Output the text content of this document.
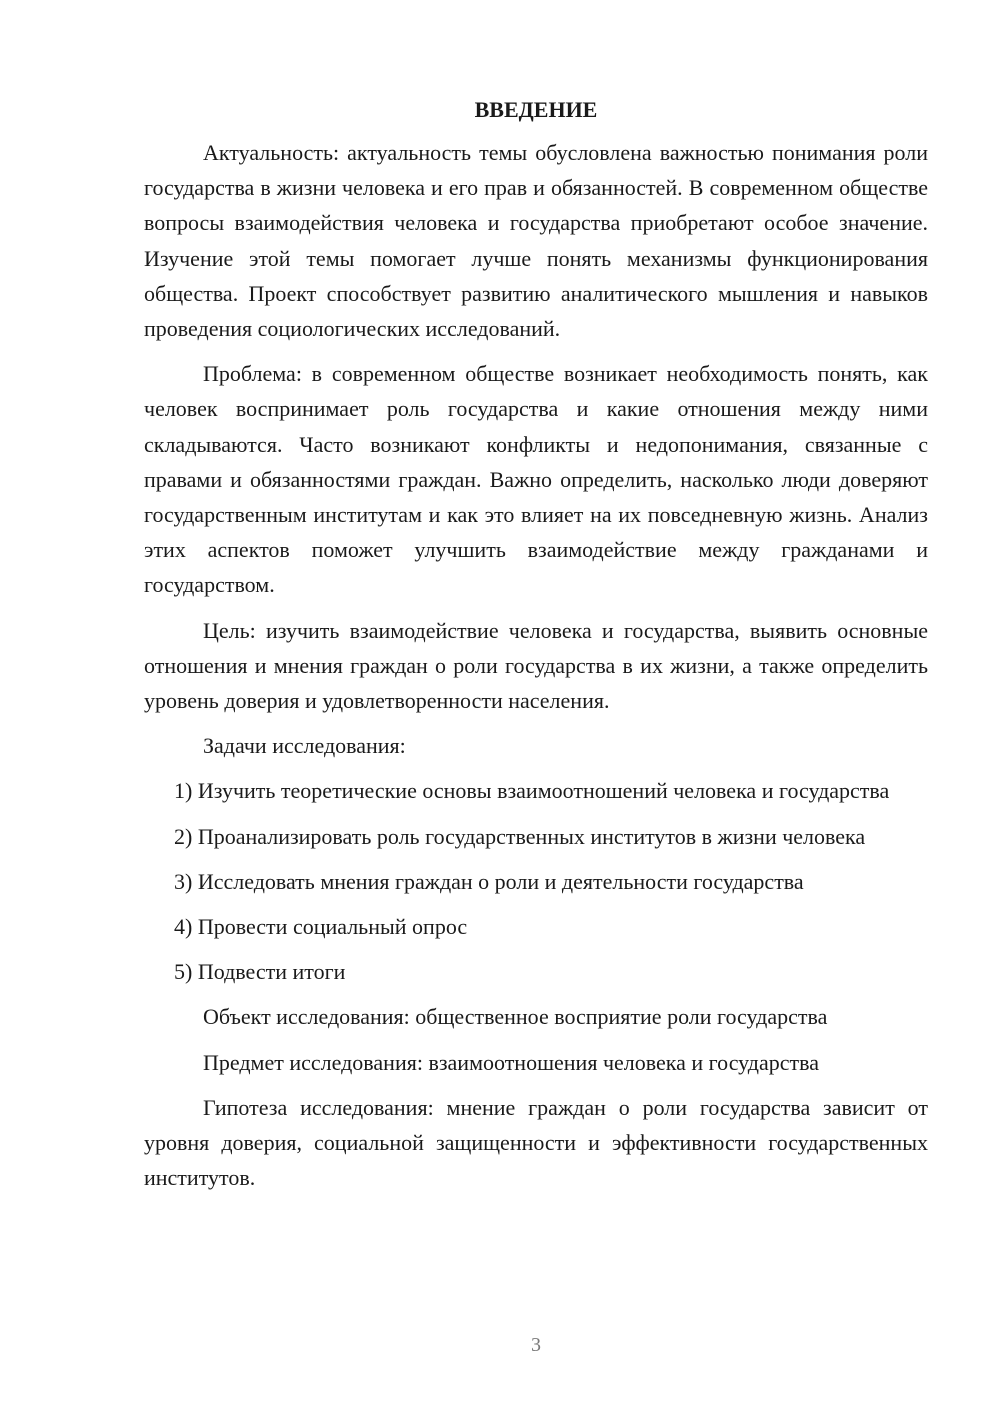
ВВЕДЕНИЕ

Актуальность: актуальность темы обусловлена важностью понимания роли государства в жизни человека и его прав и обязанностей. В современном обществе вопросы взаимодействия человека и государства приобретают особое значение. Изучение этой темы помогает лучше понять механизмы функционирования общества. Проект способствует развитию аналитического мышления и навыков проведения социологических исследований.

Проблема: в современном обществе возникает необходимость понять, как человек воспринимает роль государства и какие отношения между ними складываются. Часто возникают конфликты и недопонимания, связанные с правами и обязанностями граждан. Важно определить, насколько люди доверяют государственным институтам и как это влияет на их повседневную жизнь. Анализ этих аспектов поможет улучшить взаимодействие между гражданами и государством.

Цель: изучить взаимодействие человека и государства, выявить основные отношения и мнения граждан о роли государства в их жизни, а также определить уровень доверия и удовлетворенности населения.

Задачи исследования:

1) Изучить теоретические основы взаимоотношений человека и государства

2) Проанализировать роль государственных институтов в жизни человека

3) Исследовать мнения граждан о роли и деятельности государства

4) Провести социальный опрос

5) Подвести итоги

Объект исследования: общественное восприятие роли государства

Предмет исследования: взаимоотношения человека и государства

Гипотеза исследования: мнение граждан о роли государства зависит от уровня доверия, социальной защищенности и эффективности государственных институтов.

3
